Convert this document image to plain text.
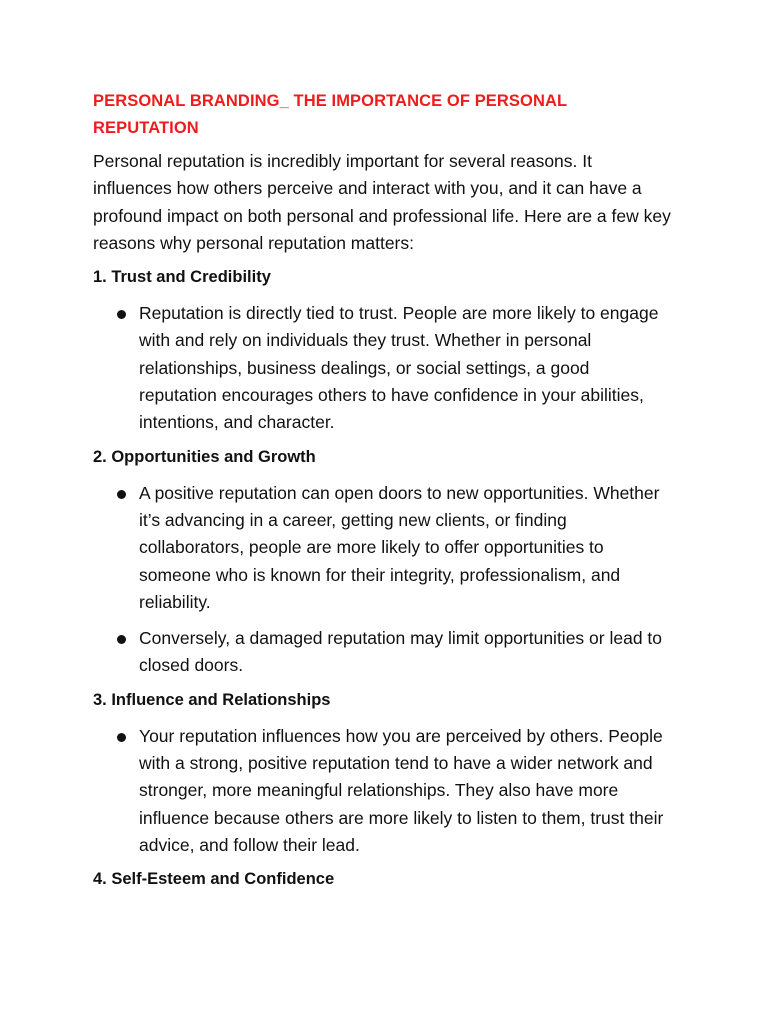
PERSONAL BRANDING_ THE IMPORTANCE OF PERSONAL REPUTATION

Personal reputation is incredibly important for several reasons. It influences how others perceive and interact with you, and it can have a profound impact on both personal and professional life. Here are a few key reasons why personal reputation matters:

1. Trust and Credibility
Reputation is directly tied to trust. People are more likely to engage with and rely on individuals they trust. Whether in personal relationships, business dealings, or social settings, a good reputation encourages others to have confidence in your abilities, intentions, and character.
2. Opportunities and Growth
A positive reputation can open doors to new opportunities. Whether it’s advancing in a career, getting new clients, or finding collaborators, people are more likely to offer opportunities to someone who is known for their integrity, professionalism, and reliability.
Conversely, a damaged reputation may limit opportunities or lead to closed doors.
3. Influence and Relationships
Your reputation influences how you are perceived by others. People with a strong, positive reputation tend to have a wider network and stronger, more meaningful relationships. They also have more influence because others are more likely to listen to them, trust their advice, and follow their lead.
4. Self-Esteem and Confidence
